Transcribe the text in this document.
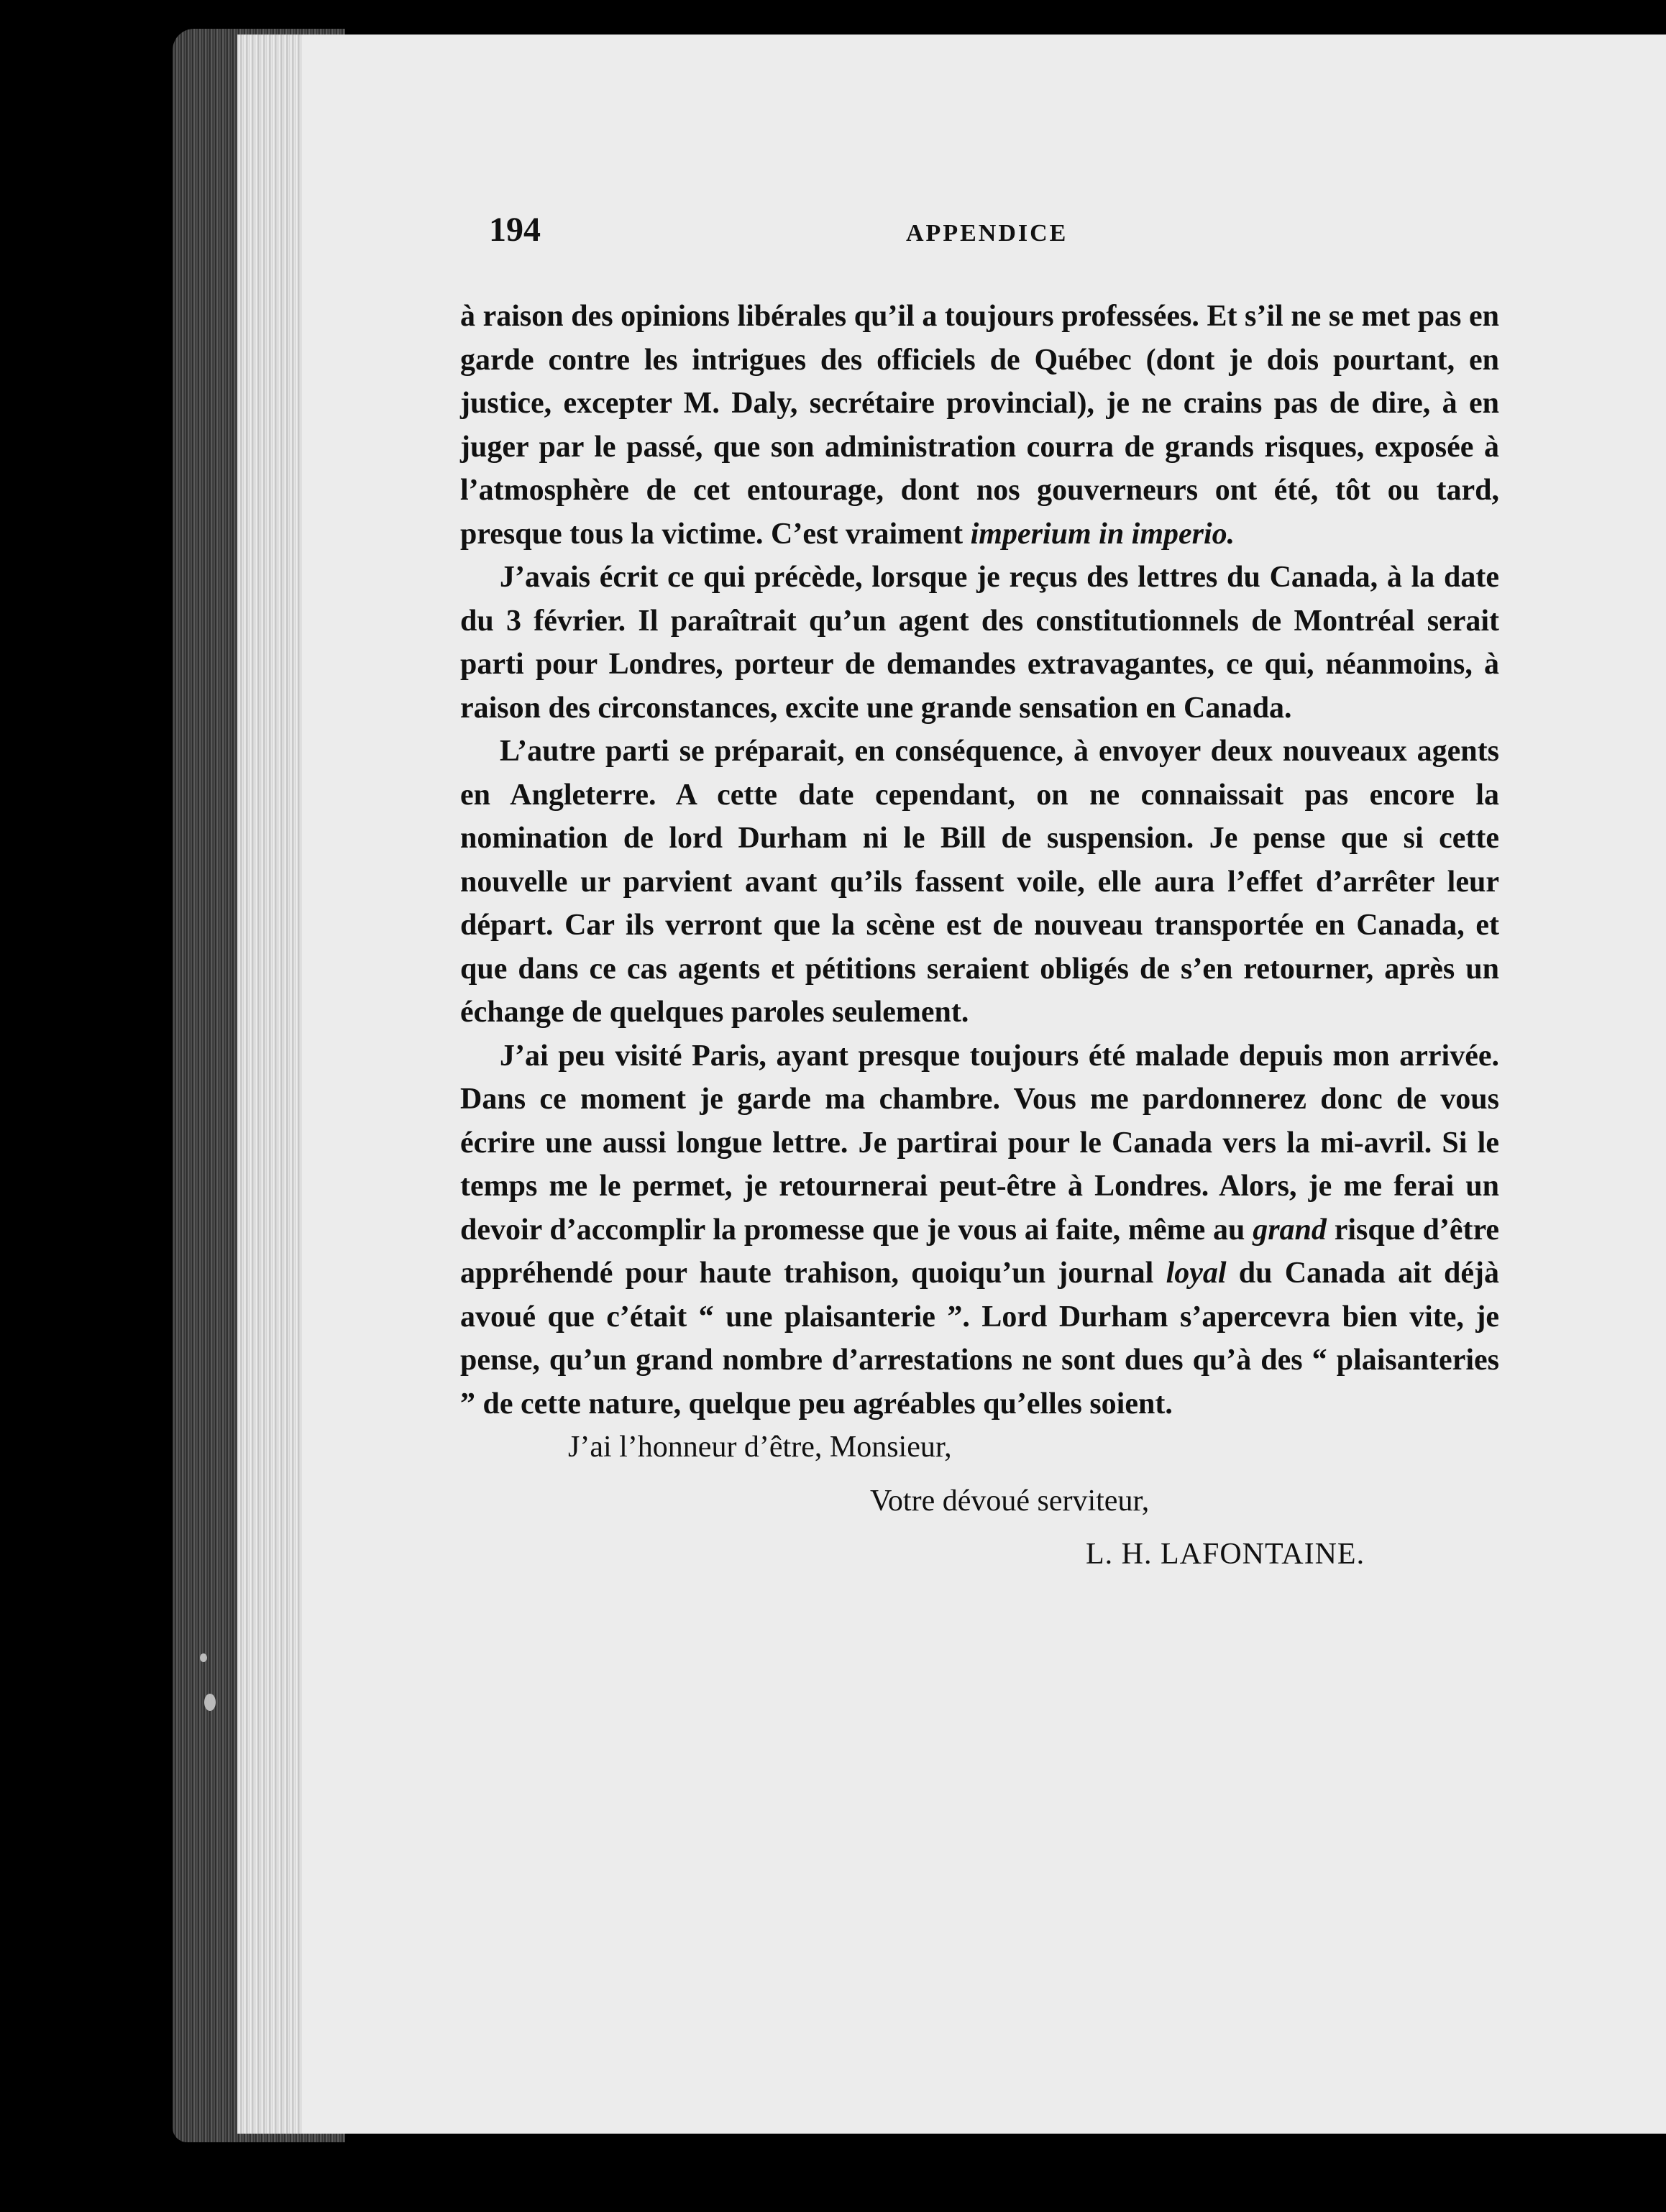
194	APPENDICE

à raison des opinions libérales qu’il a toujours professées. Et s’il ne se met pas en garde contre les intrigues des officiels de Québec (dont je dois pourtant, en justice, excepter M. Daly, secrétaire provincial), je ne crains pas de dire, à en juger par le passé, que son administration courra de grands risques, exposée à l’atmosphère de cet entourage, dont nos gouverneurs ont été, tôt ou tard, presque tous la victime. C’est vraiment imperium in imperio.

J’avais écrit ce qui précède, lorsque je reçus des lettres du Canada, à la date du 3 février. Il paraîtrait qu’un agent des constitutionnels de Montréal serait parti pour Londres, porteur de demandes extravagantes, ce qui, néanmoins, à raison des circonstances, excite une grande sensation en Canada.

L’autre parti se préparait, en conséquence, à envoyer deux nouveaux agents en Angleterre. A cette date cependant, on ne connaissait pas encore la nomination de lord Durham ni le Bill de suspension. Je pense que si cette nouvelle ur parvient avant qu’ils fassent voile, elle aura l’effet d’arrêter leur départ. Car ils verront que la scène est de nouveau transportée en Canada, et que dans ce cas agents et pétitions seraient obligés de s’en retourner, après un échange de quelques paroles seulement.

J’ai peu visité Paris, ayant presque toujours été malade depuis mon arrivée. Dans ce moment je garde ma chambre. Vous me pardonnerez donc de vous écrire une aussi longue lettre. Je partirai pour le Canada vers la mi-avril. Si le temps me le permet, je retournerai peut-être à Londres. Alors, je me ferai un devoir d’accomplir la promesse que je vous ai faite, même au grand risque d’être appréhendé pour haute trahison, quoiqu’un journal loyal du Canada ait déjà avoué que c’était “ une plaisanterie ”. Lord Durham s’apercevra bien vite, je pense, qu’un grand nombre d’arrestations ne sont dues qu’à des “ plaisanteries ” de cette nature, quelque peu agréables qu’elles soient.

J’ai l’honneur d’être, Monsieur,

Votre dévoué serviteur,

L. H. LAFONTAINE.
